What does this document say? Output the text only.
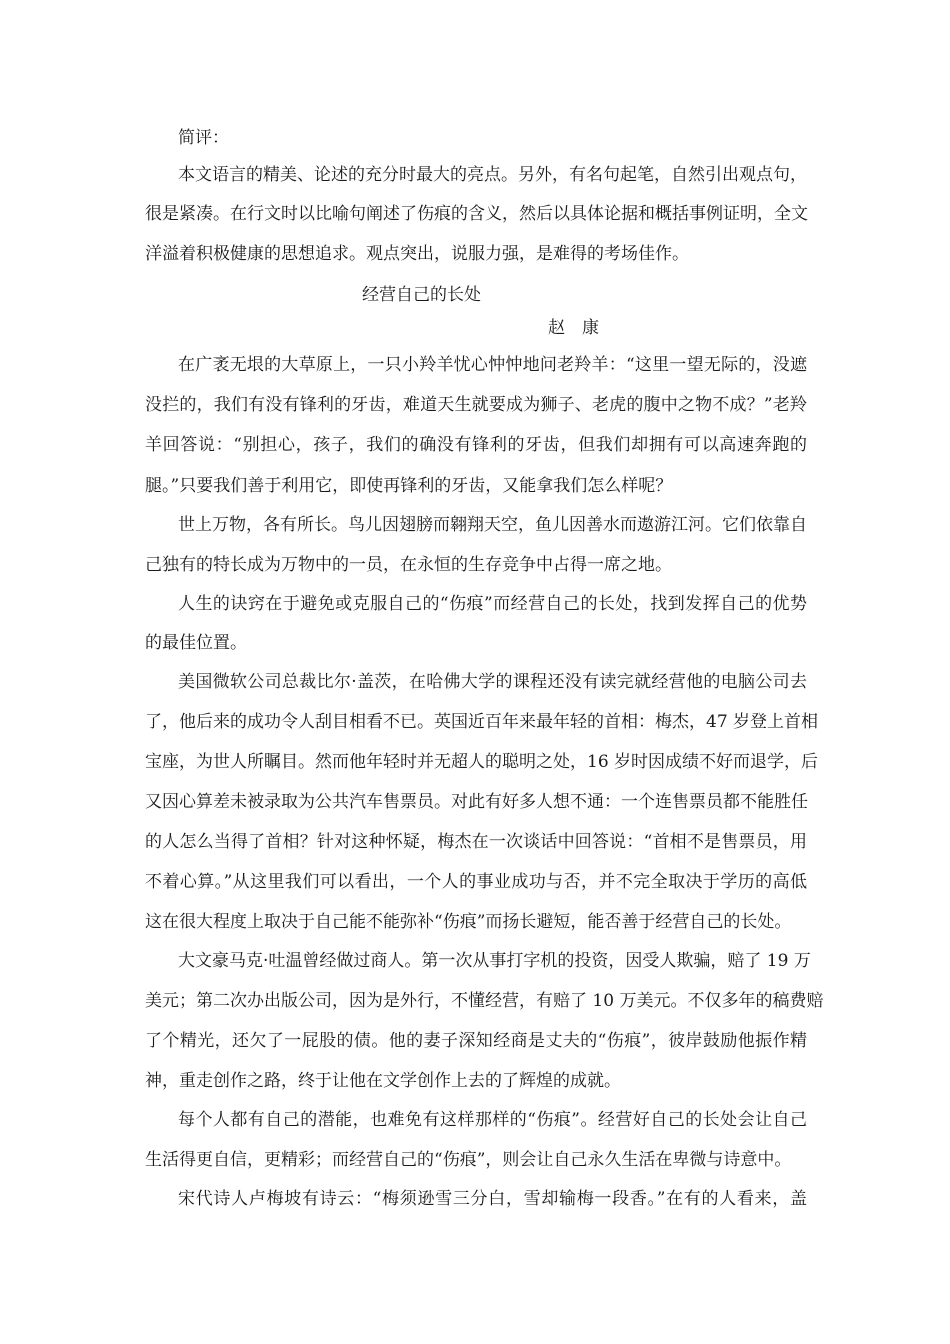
简评：
本文语言的精美、论述的充分时最大的亮点。另外，有名句起笔，自然引出观点句，
很是紧凑。在行文时以比喻句阐述了伤痕的含义，然后以具体论据和概括事例证明，全文
洋溢着积极健康的思想追求。观点突出，说服力强，是难得的考场佳作。
经营自己的长处
赵　康
在广袤无垠的大草原上，一只小羚羊忧心忡忡地问老羚羊：“这里一望无际的，没遮
没拦的，我们有没有锋利的牙齿，难道天生就要成为狮子、老虎的腹中之物不成？”老羚
羊回答说：“别担心，孩子，我们的确没有锋利的牙齿，但我们却拥有可以高速奔跑的
腿。”只要我们善于利用它，即使再锋利的牙齿，又能拿我们怎么样呢？
世上万物，各有所长。鸟儿因翅膀而翱翔天空，鱼儿因善水而遨游江河。它们依靠自
己独有的特长成为万物中的一员，在永恒的生存竞争中占得一席之地。
人生的诀窍在于避免或克服自己的“伤痕”而经营自己的长处，找到发挥自己的优势
的最佳位置。
美国微软公司总裁比尔·盖茨，在哈佛大学的课程还没有读完就经营他的电脑公司去
了，他后来的成功令人刮目相看不已。英国近百年来最年轻的首相：梅杰，47 岁登上首相
宝座，为世人所瞩目。然而他年轻时并无超人的聪明之处，16 岁时因成绩不好而退学，后
又因心算差未被录取为公共汽车售票员。对此有好多人想不通：一个连售票员都不能胜任
的人怎么当得了首相？针对这种怀疑，梅杰在一次谈话中回答说：“首相不是售票员，用
不着心算。”从这里我们可以看出，一个人的事业成功与否，并不完全取决于学历的高低
这在很大程度上取决于自己能不能弥补“伤痕”而扬长避短，能否善于经营自己的长处。
大文豪马克·吐温曾经做过商人。第一次从事打字机的投资，因受人欺骗，赔了 19 万
美元；第二次办出版公司，因为是外行，不懂经营，有赔了 10 万美元。不仅多年的稿费赔
了个精光，还欠了一屁股的债。他的妻子深知经商是丈夫的“伤痕”，彼岸鼓励他振作精
神，重走创作之路，终于让他在文学创作上去的了辉煌的成就。
每个人都有自己的潜能，也难免有这样那样的“伤痕”。经营好自己的长处会让自己
生活得更自信，更精彩；而经营自己的“伤痕”，则会让自己永久生活在卑微与诗意中。
宋代诗人卢梅坡有诗云：“梅须逊雪三分白，雪却输梅一段香。”在有的人看来，盖
